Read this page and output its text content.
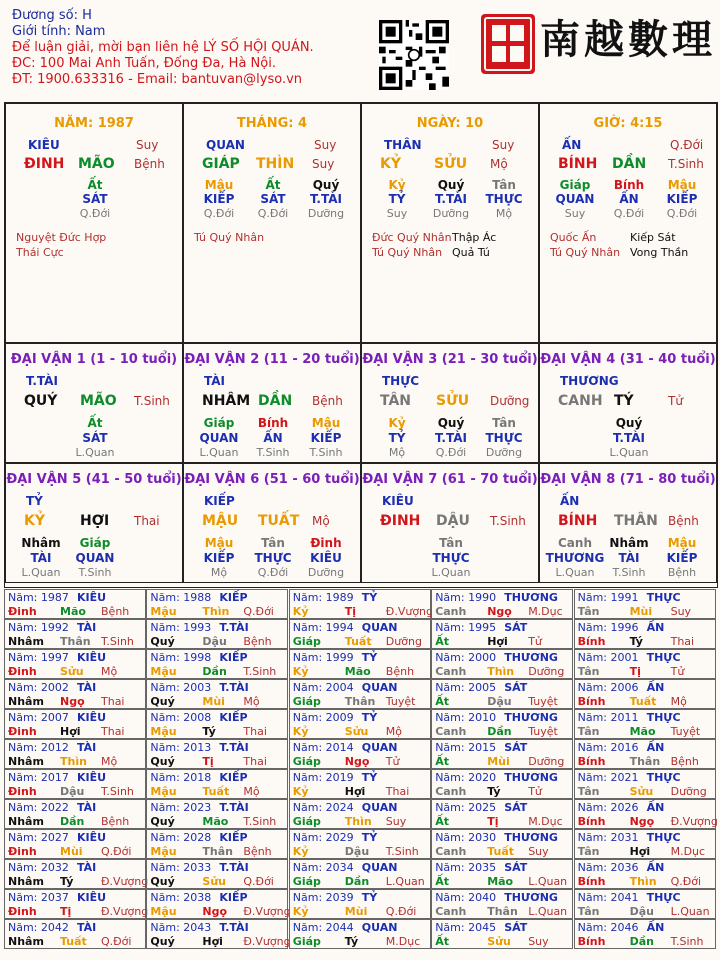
Đương số: H
Giới tính: Nam
Để luận giải, mời bạn liên hệ LÝ SỐ HỘI QUÁN.
ĐC: 100 Mai Anh Tuấn, Đống Đa, Hà Nội.
ĐT: 1900.633316 - Email: bantuvan@lyso.vn
南越數理
NĂM: 1987
KIÊU	Suy
ĐINH MÃO Bệnh
Ất
SÁT
Q.Đới
Nguyệt Đức Hợp
Thái Cực
THÁNG: 4
QUAN	Suy
GIÁP THÌN Suy
Mậu
KIẾP
Q.Đới
Ất
SÁT
Q.Đới
Quý
T.TÀI
Dưỡng
Tú Quý Nhân
NGÀY: 10
THÂN	Suy
KỶ SỬU Mộ
Kỷ
TỶ
Suy
Quý
T.TÀI
Dưỡng
Tân
THỰC
Mộ
Đức Quý Nhân Thập Ác
Tú Quý Nhân Quả Tú
GIỜ: 4:15
ẤN	Q.Đới
BÍNH DẦN T.Sinh
Giáp
QUAN
Suy
Bính
ẤN
Q.Đới
Mậu
KIẾP
Q.Đới
Quốc Ấn	Kiếp Sát
Tú Quý Nhân Vong Thần
ĐẠI VẬN 1 (1 - 10 tuổi)
T.TÀI
QUÝ MÃO T.Sinh
Ất
SÁT
L.Quan
ĐẠI VẬN 2 (11 - 20 tuổi)
TÀI
NHÂM DẦN Bệnh
Giáp
QUAN
L.Quan
Bính
ẤN
T.Sinh
Mậu
KIẾP
T.Sinh
ĐẠI VẬN 3 (21 - 30 tuổi)
THỰC
TÂN SỬU Dưỡng
Kỷ
TỶ
Mộ
Quý
T.TÀI
Q.Đới
Tân
THỰC
Dưỡng
ĐẠI VẬN 4 (31 - 40 tuổi)
THƯƠNG
CANH TÝ	Tử
Quý
T.TÀI
L.Quan
ĐẠI VẬN 5 (41 - 50 tuổi)
TỶ
KỶ	HỢI Thai
Nhâm
TÀI
L.Quan
Giáp
QUAN
T.Sinh
ĐẠI VẬN 6 (51 - 60 tuổi)
KIẾP
MẬU TUẤT Mộ
Mậu
KIẾP
Mộ
Tân
THỰC
Q.Đới
Đinh
KIÊU
Dưỡng
ĐẠI VẬN 7 (61 - 70 tuổi)
KIÊU
ĐINH DẬU T.Sinh
Tân
THỰC
L.Quan
ĐẠI VẬN 8 (71 - 80 tuổi)
ẤN
BÍNH THÂN Bệnh
Canh
THƯƠNG
L.Quan
Nhâm
TÀI
T.Sinh
Mậu
KIẾP
Bệnh
Năm: 1987 KIÊU
Đinh Mão Bệnh
Năm: 1988 KIẾP
Mậu Thìn Q.Đới
Năm: 1989 TỶ
Kỷ	Tị	Đ.Vượng
Năm: 1990 THƯƠNG
Canh Ngọ M.Dục
Năm: 1991 THỰC
Tân	Mùi Suy
Năm: 1992 TÀI
Nhâm Thân T.Sinh
Năm: 1993 T.TÀI
Quý	Dậu Bệnh
Năm: 1994 QUAN
Giáp Tuất Dưỡng
Năm: 1995 SÁT
Ất	Hợi Tử
Năm: 1996 ẤN
Bính Tý	Thai
Năm: 1997 KIÊU
Đinh Sửu Mộ
Năm: 1998 KIẾP
Mậu Dần T.Sinh
Năm: 1999 TỶ
Kỷ	Mão Bệnh
Năm: 2000 THƯƠNG
Canh Thìn Dưỡng
Năm: 2001 THỰC
Tân	Tị	Tử
Năm: 2002 TÀI
Nhâm Ngọ Thai
Năm: 2003 T.TÀI
Quý	Mùi Mộ
Năm: 2004 QUAN
Giáp Thân Tuyệt
Năm: 2005 SÁT
Ất	Dậu Tuyệt
Năm: 2006 ẤN
Bính Tuất Mộ
Năm: 2007 KIÊU
Đinh Hợi Thai
Năm: 2008 KIẾP
Mậu Tý	Thai
Năm: 2009 TỶ
Kỷ	Sửu Mộ
Năm: 2010 THƯƠNG
Canh Dần Tuyệt
Năm: 2011 THỰC
Tân	Mão Tuyệt
Năm: 2012 TÀI
Nhâm Thìn Mộ
Năm: 2013 T.TÀI
Quý	Tị	Thai
Năm: 2014 QUAN
Giáp Ngọ Tử
Năm: 2015 SÁT
Ất	Mùi Dưỡng
Năm: 2016 ẤN
Bính Thân Bệnh
Năm: 2017 KIÊU
Đinh Dậu T.Sinh
Năm: 2018 KIẾP
Mậu Tuất Mộ
Năm: 2019 TỶ
Kỷ	Hợi Thai
Năm: 2020 THƯƠNG
Canh Tý	Tử
Năm: 2021 THỰC
Tân	Sửu Dưỡng
Năm: 2022 TÀI
Nhâm Dần Bệnh
Năm: 2023 T.TÀI
Quý	Mão T.Sinh
Năm: 2024 QUAN
Giáp Thìn Suy
Năm: 2025 SÁT
Ất	Tị	M.Dục
Năm: 2026 ẤN
Bính Ngọ Đ.Vượng
Năm: 2027 KIÊU
Đinh Mùi Q.Đới
Năm: 2028 KIẾP
Mậu Thân Bệnh
Năm: 2029 TỶ
Kỷ	Dậu T.Sinh
Năm: 2030 THƯƠNG
Canh Tuất Suy
Năm: 2031 THỰC
Tân	Hợi M.Dục
Năm: 2032 TÀI
Nhâm Tý	Đ.Vượng
Năm: 2033 T.TÀI
Quý	Sửu Q.Đới
Năm: 2034 QUAN
Giáp Dần L.Quan
Năm: 2035 SÁT
Ất	Mão L.Quan
Năm: 2036 ẤN
Bính Thìn Q.Đới
Năm: 2037 KIÊU
Đinh Tị	Đ.Vượng
Năm: 2038 KIẾP
Mậu Ngọ Đ.Vượng
Năm: 2039 TỶ
Kỷ	Mùi Q.Đới
Năm: 2040 THƯƠNG
Canh Thân L.Quan
Năm: 2041 THỰC
Tân	Dậu L.Quan
Năm: 2042 TÀI
Nhâm Tuất Q.Đới
Năm: 2043 T.TÀI
Quý	Hợi Đ.Vượng
Năm: 2044 QUAN
Giáp Tý	M.Dục
Năm: 2045 SÁT
Ất	Sửu Suy
Năm: 2046 ẤN
Bính Dần T.Sinh
